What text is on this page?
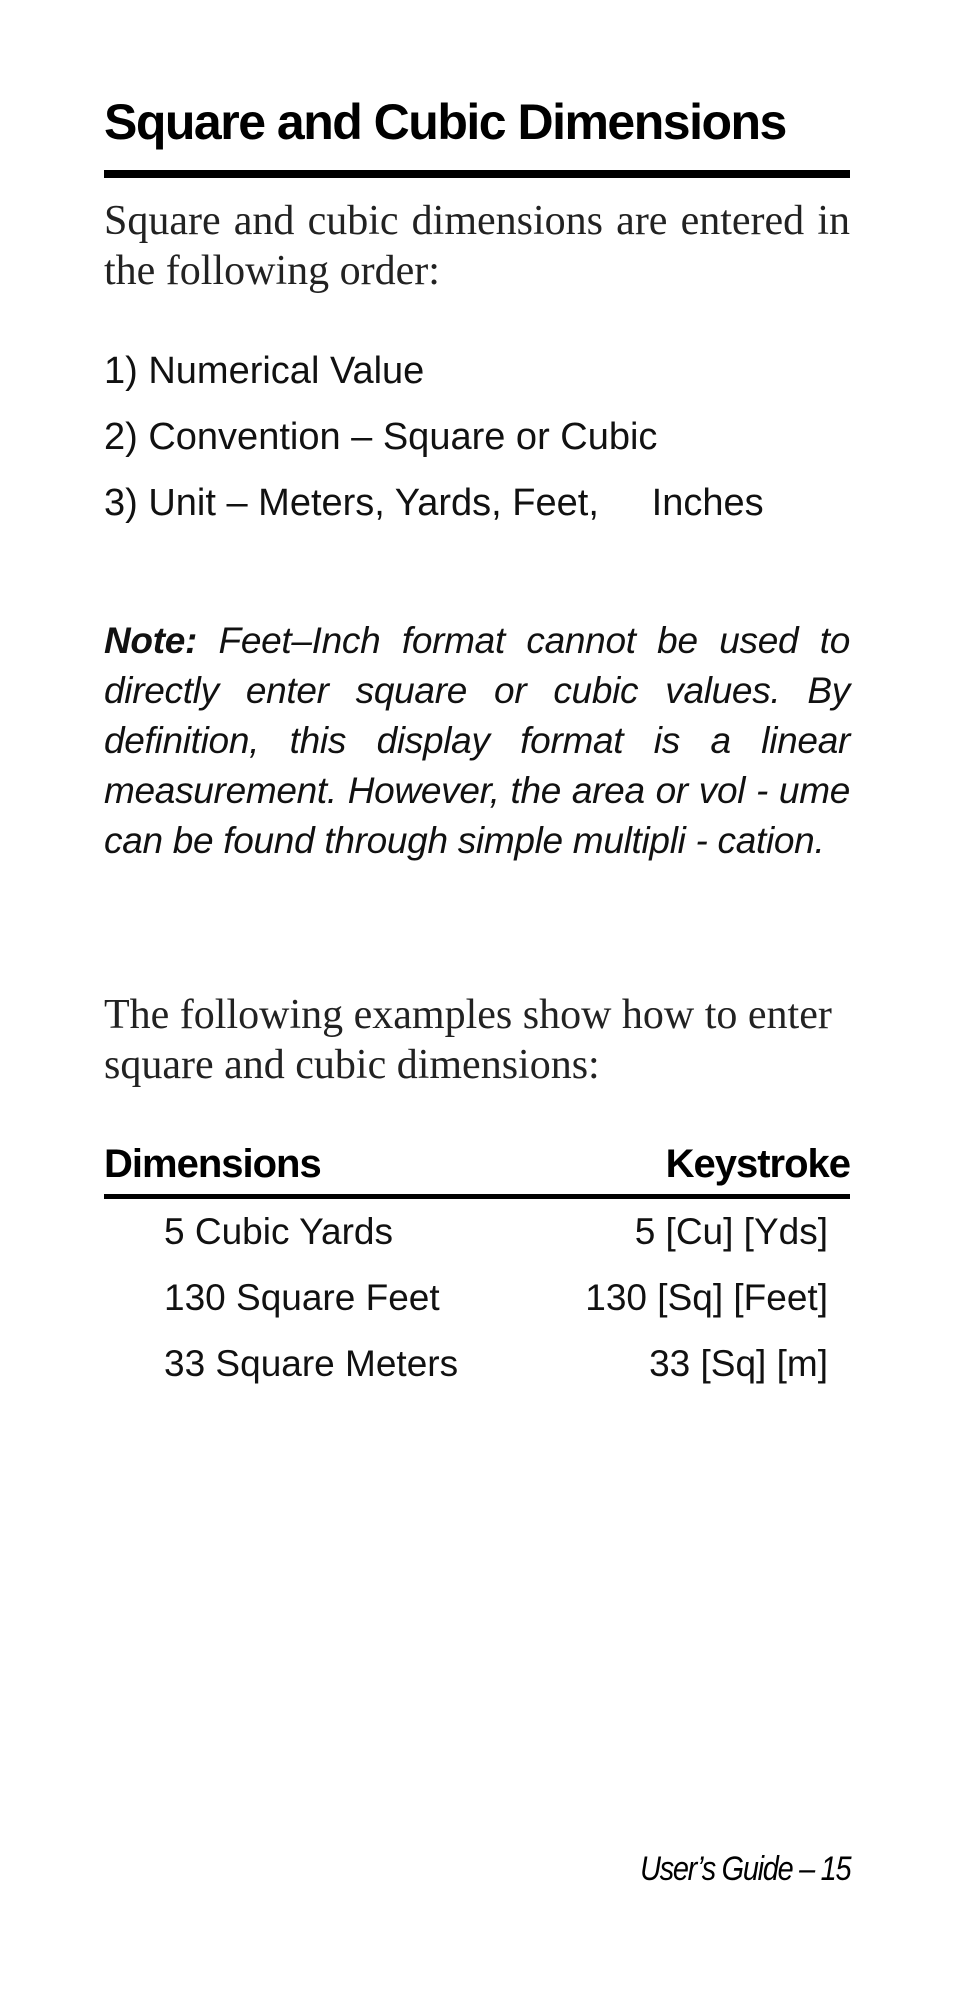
Square and Cubic Dimensions

Square and cubic dimensions are entered in the following order:

1) Numerical Value
2) Convention – Square or Cubic
3) Unit – Meters, Yards, Feet,     Inches

Note: Feet–Inch format cannot be used to directly enter square or cubic values. By definition, this display format is a linear measurement. However, the area or vol - ume can be found through simple multipli - cation.

The following examples show how to enter square and cubic dimensions:

Dimensions	Keystroke
5 Cubic Yards	5 [Cu] [Yds]
130 Square Feet	130 [Sq] [Feet]
33 Square Meters	33 [Sq] [m]

User’s Guide – 15
